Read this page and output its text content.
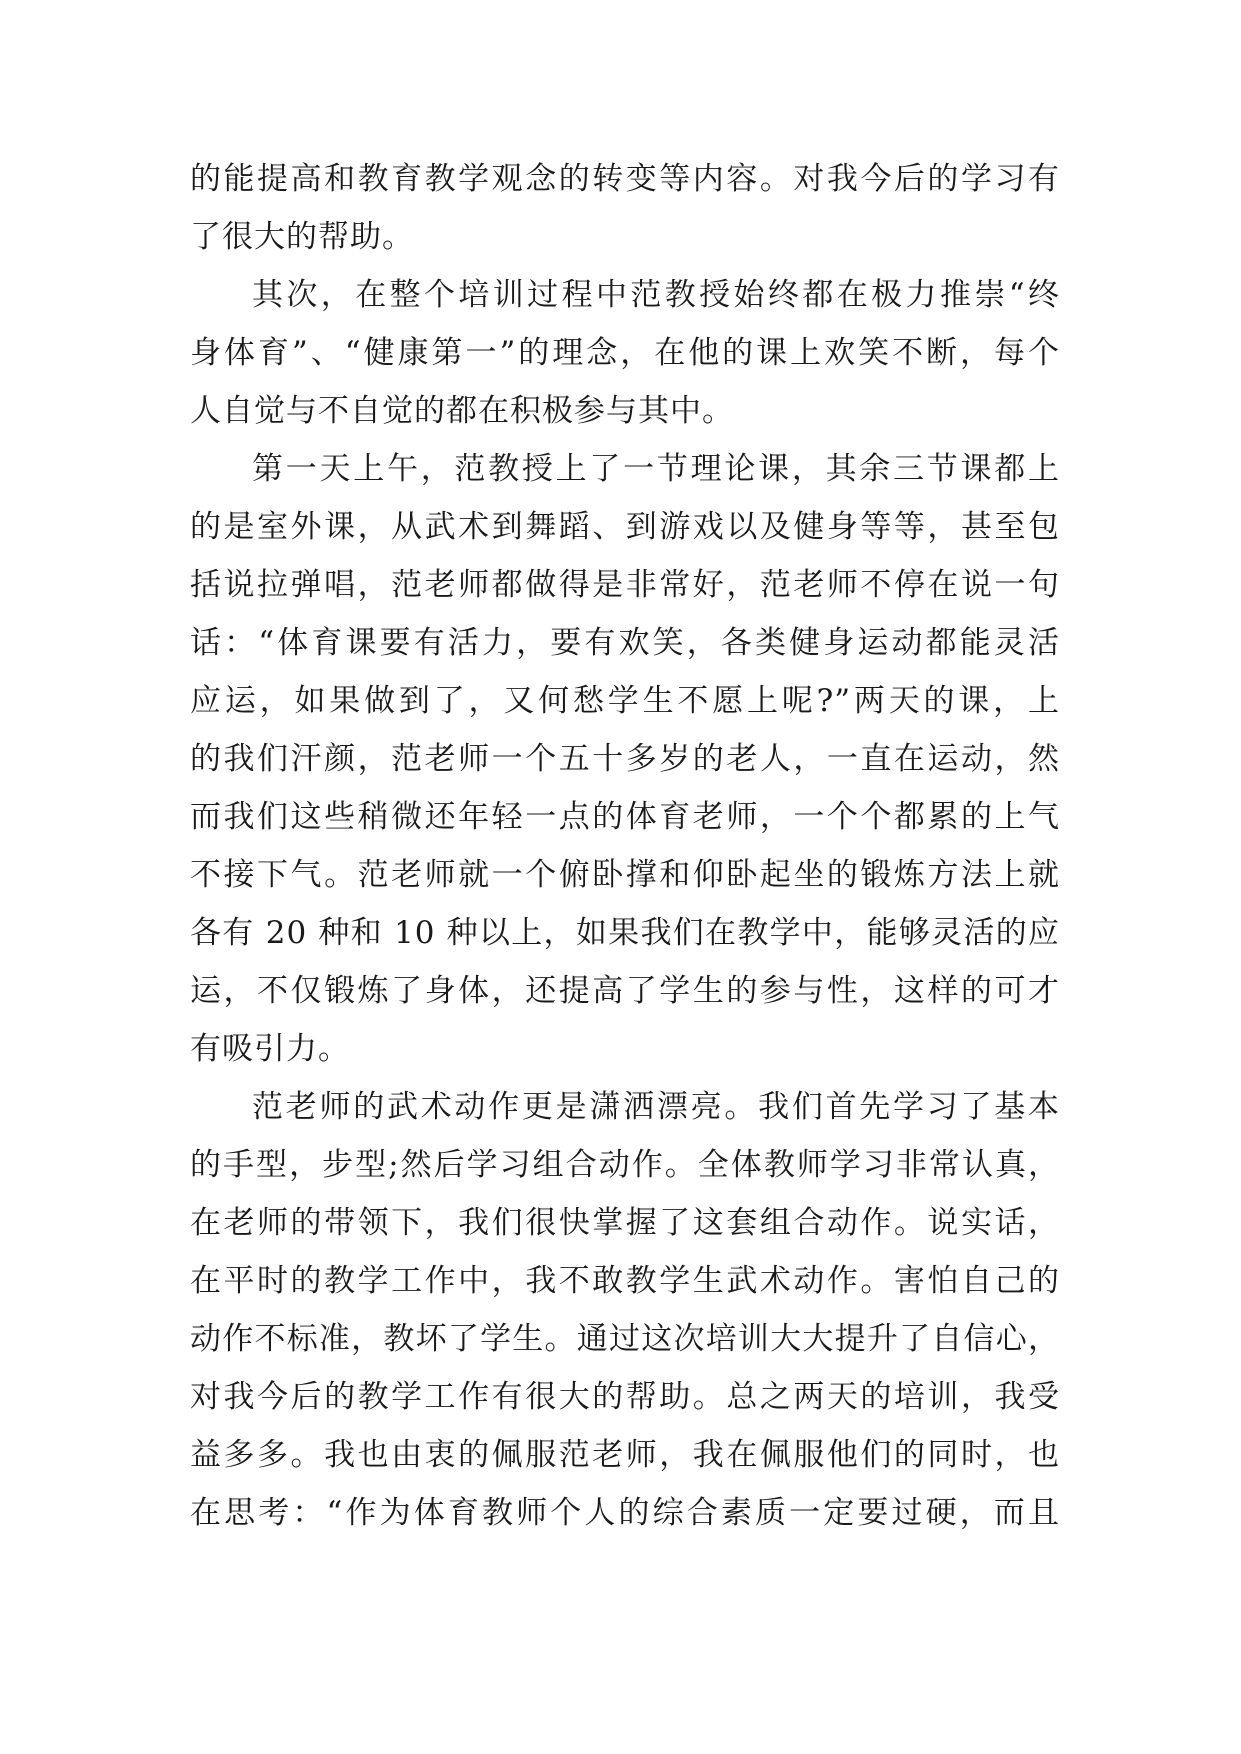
的能提高和教育教学观念的转变等内容。对我今后的学习有
了很大的帮助。
其次，在整个培训过程中范教授始终都在极力推崇“终
身体育”、“健康第一”的理念，在他的课上欢笑不断，每个
人自觉与不自觉的都在积极参与其中。
第一天上午，范教授上了一节理论课，其余三节课都上
的是室外课，从武术到舞蹈、到游戏以及健身等等，甚至包
括说拉弹唱，范老师都做得是非常好，范老师不停在说一句
话：“体育课要有活力，要有欢笑，各类健身运动都能灵活
应运，如果做到了，又何愁学生不愿上呢?”两天的课，上
的我们汗颜，范老师一个五十多岁的老人，一直在运动，然
而我们这些稍微还年轻一点的体育老师，一个个都累的上气
不接下气。范老师就一个俯卧撑和仰卧起坐的锻炼方法上就
各有 20 种和 10 种以上，如果我们在教学中，能够灵活的应
运，不仅锻炼了身体，还提高了学生的参与性，这样的可才
有吸引力。
范老师的武术动作更是潇洒漂亮。我们首先学习了基本
的手型，步型;然后学习组合动作。全体教师学习非常认真，
在老师的带领下，我们很快掌握了这套组合动作。说实话，
在平时的教学工作中，我不敢教学生武术动作。害怕自己的
动作不标准，教坏了学生。通过这次培训大大提升了自信心，
对我今后的教学工作有很大的帮助。总之两天的培训，我受
益多多。我也由衷的佩服范老师，我在佩服他们的同时，也
在思考：“作为体育教师个人的综合素质一定要过硬，而且
